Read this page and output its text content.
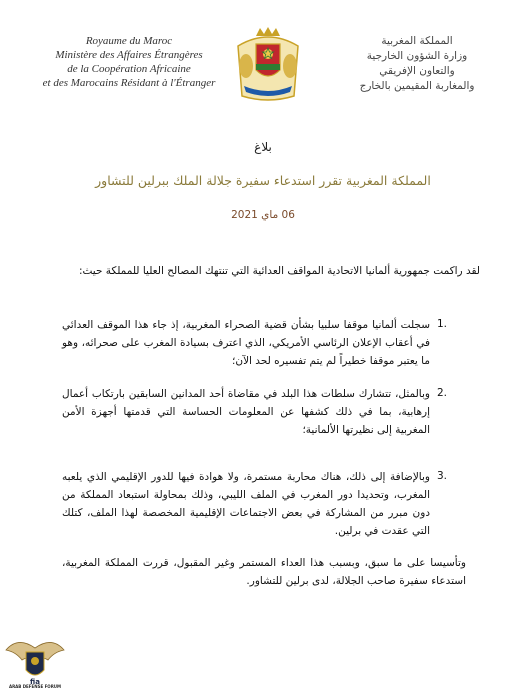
Royaume du Maroc
Ministère des Affaires Étrangères
de la Coopération Africaine
et des Marocains Résidant à l'Étranger
المملكة المغربية
وزارة الشؤون الخارجية
والتعاون الإفريقي
والمغاربة المقيمين بالخارج
بلاغ
المملكة المغربية تقرر استدعاء سفيرة جلالة الملك ببرلين للتشاور
06 ماي 2021
لقد راكمت جمهورية ألمانيا الاتحادية المواقف العدائية التي تنتهك المصالح العليا للمملكة حيث:
1.
سجلت ألمانيا موقفا سلبيا بشأن قضية الصحراء المغربية، إذ جاء هذا الموقف العدائي في أعقاب الإعلان الرئاسي الأمريكي، الذي اعترف بسيادة المغرب على صحرائه، وهو ما يعتبر موقفا خطيراً لم يتم تفسيره لحد الآن؛
2.
وبالمثل، تتشارك سلطات هذا البلد في مقاضاة أحد المدانين السابقين بارتكاب أعمال إرهابية، بما في ذلك كشفها عن المعلومات الحساسة التي قدمتها أجهزة الأمن المغربية إلى نظيرتها الألمانية؛
3.
وبالإضافة إلى ذلك، هناك محاربة مستمرة، ولا هوادة فيها للدور الإقليمي الذي يلعبه المغرب، وتحديدا دور المغرب في الملف الليبي، وذلك بمحاولة استبعاد المملكة من دون مبرر من المشاركة في بعض الاجتماعات الإقليمية المخصصة لهذا الملف، كتلك التي عقدت في برلين.
وتأسيسا على ما سبق، وبسبب هذا العداء المستمر وغير المقبول، قررت المملكة المغربية، استدعاء سفيرة صاحب الجلالة، لدى برلين للتشاور.
fia
ARAB DEFENSE FORUM
